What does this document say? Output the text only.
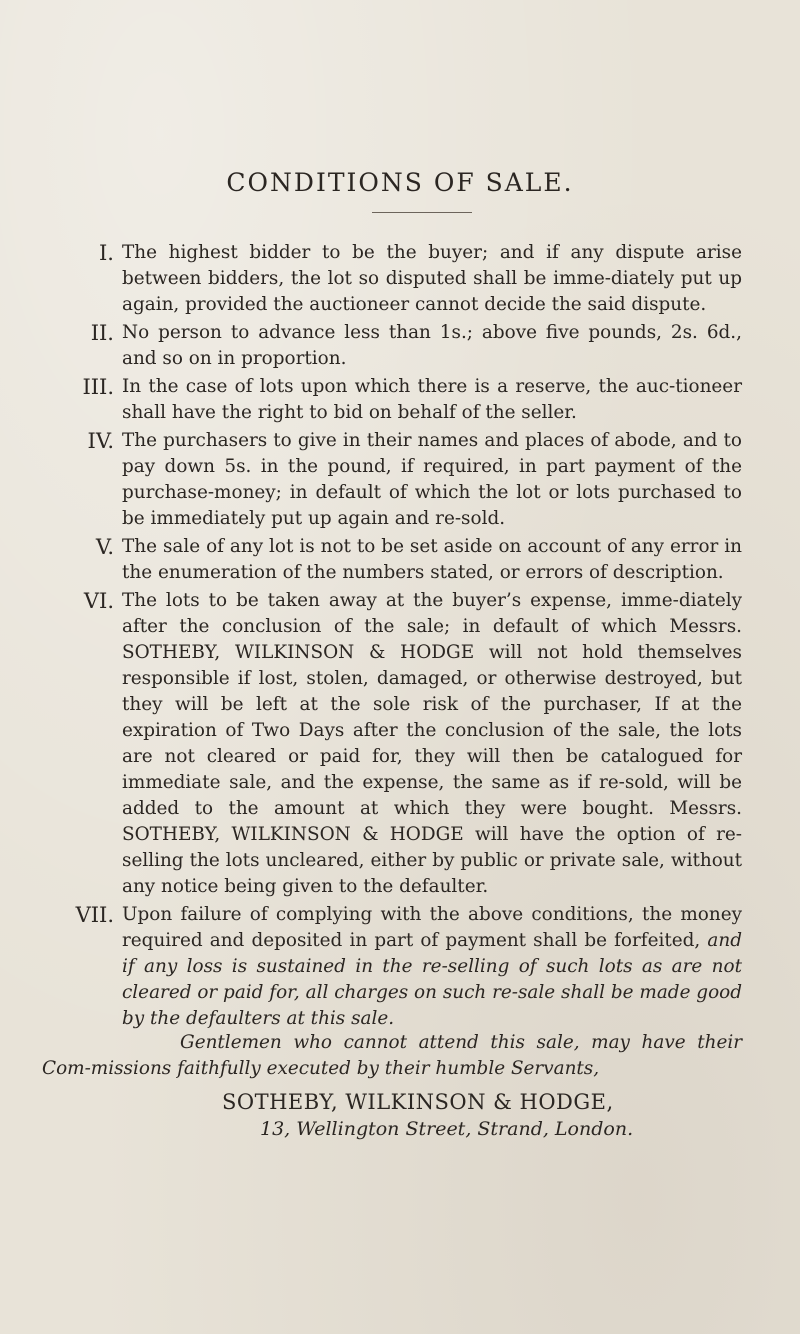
CONDITIONS OF SALE.
I. The highest bidder to be the buyer; and if any dispute arise between bidders, the lot so disputed shall be imme-diately put up again, provided the auctioneer cannot decide the said dispute.
II. No person to advance less than 1s.; above five pounds, 2s. 6d., and so on in proportion.
III. In the case of lots upon which there is a reserve, the auc-tioneer shall have the right to bid on behalf of the seller.
IV. The purchasers to give in their names and places of abode, and to pay down 5s. in the pound, if required, in part payment of the purchase-money; in default of which the lot or lots purchased to be immediately put up again and re-sold.
V. The sale of any lot is not to be set aside on account of any error in the enumeration of the numbers stated, or errors of description.
VI. The lots to be taken away at the buyer’s expense, imme-diately after the conclusion of the sale; in default of which Messrs. SOTHEBY, WILKINSON & HODGE will not hold themselves responsible if lost, stolen, damaged, or otherwise destroyed, but they will be left at the sole risk of the purchaser, If at the expiration of Two Days after the conclusion of the sale, the lots are not cleared or paid for, they will then be catalogued for immediate sale, and the expense, the same as if re-sold, will be added to the amount at which they were bought. Messrs. SOTHEBY, WILKINSON & HODGE will have the option of re-selling the lots uncleared, either by public or private sale, without any notice being given to the defaulter.
VII. Upon failure of complying with the above conditions, the money required and deposited in part of payment shall be forfeited, and if any loss is sustained in the re-selling of such lots as are not cleared or paid for, all charges on such re-sale shall be made good by the defaulters at this sale.
Gentlemen who cannot attend this sale, may have their Com-missions faithfully executed by their humble Servants,
SOTHEBY, WILKINSON & HODGE,
13, Wellington Street, Strand, London.
